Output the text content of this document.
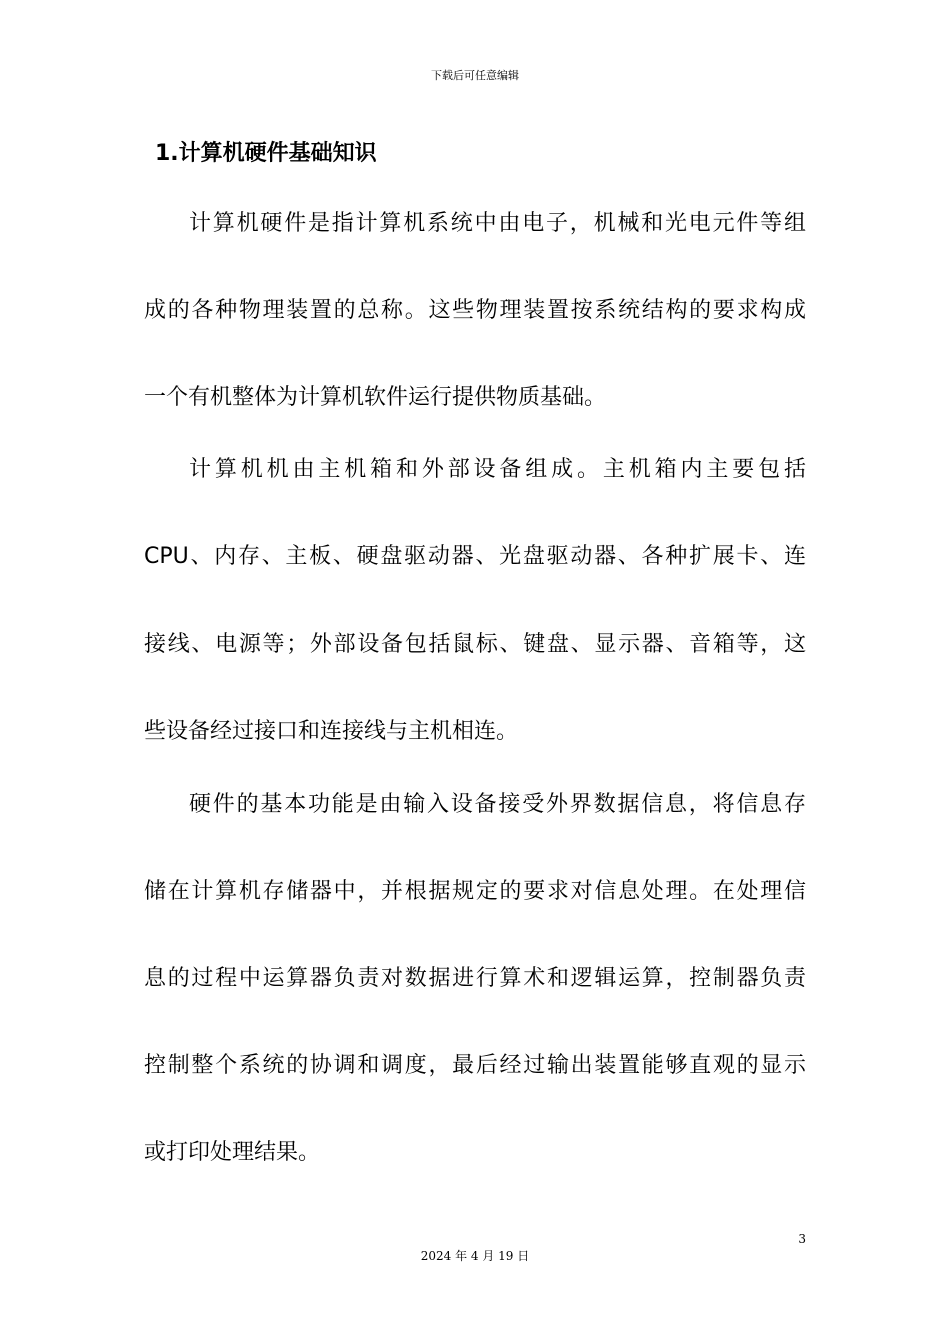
下载后可任意编辑
1.计算机硬件基础知识
计算机硬件是指计算机系统中由电子，机械和光电元件等组
成的各种物理装置的总称。这些物理装置按系统结构的要求构成
一个有机整体为计算机软件运行提供物质基础。
计算机机由主机箱和外部设备组成。主机箱内主要包括
CPU、内存、主板、硬盘驱动器、光盘驱动器、各种扩展卡、连
接线、电源等；外部设备包括鼠标、键盘、显示器、音箱等，这
些设备经过接口和连接线与主机相连。
硬件的基本功能是由输入设备接受外界数据信息，将信息存
储在计算机存储器中，并根据规定的要求对信息处理。在处理信
息的过程中运算器负责对数据进行算术和逻辑运算，控制器负责
控制整个系统的协调和调度，最后经过输出装置能够直观的显示
或打印处理结果。
3
2024 年 4 月 19 日
